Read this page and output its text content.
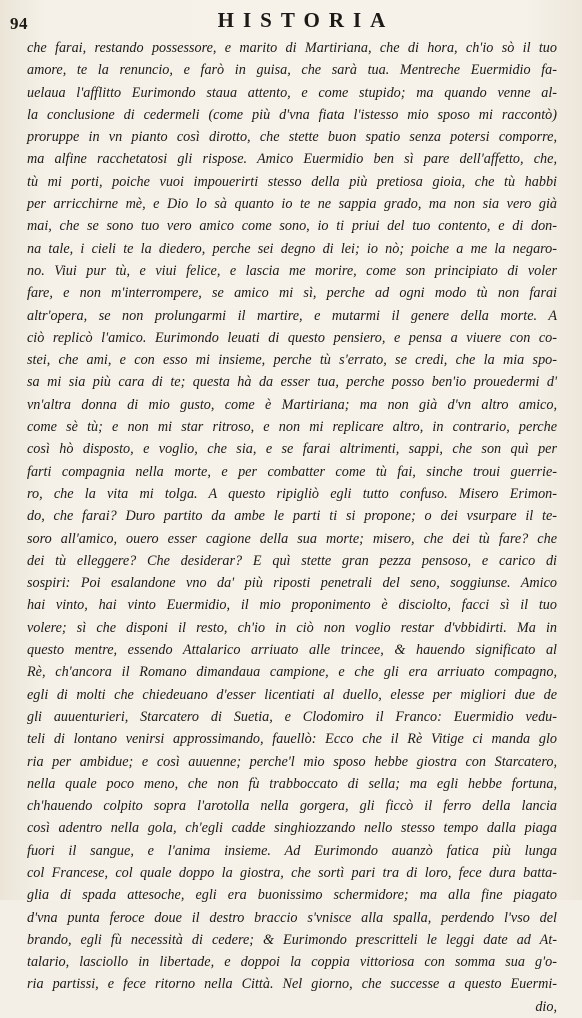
94	HISTORIA
che farai, restando possessore, e marito di Martiriana, che di hora, ch'io sò il tuo
amore, te la renuncio, e farò in guisa, che sarà tua. Mentreche Euermidio fa-
uelaua l'afflitto Eurimondo staua attento, e come stupido; ma quando venne al-
la conclusione di cedermeli (come più d'vna fiata l'istesso mio sposo mi raccontò)
proruppe in vn pianto così dirotto, che stette buon spatio senza potersi comporre,
ma alfine racchetatosi gli rispose. Amico Euermidio ben sì pare dell'affetto, che,
tù mi porti, poiche vuoi impouerirti stesso della più pretiosa gioia, che tù habbi
per arricchirne mè, e Dio lo sà quanto io te ne sappia grado, ma non sia vero già
mai, che se sono tuo vero amico come sono, io ti priui del tuo contento, e di don-
na tale, i cieli te la diedero, perche sei degno di lei; io nò; poiche a me la negaro-
no. Viui pur tù, e viui felice, e lascia me morire, come son principiato di voler
fare, e non m'interrompere, se amico mi sì, perche ad ogni modo tù non farai
altr'opera, se non prolungarmi il martire, e mutarmi il genere della morte. A
ciò replicò l'amico. Eurimondo leuati di questo pensiero, e pensa a viuere con co-
stei, che ami, e con esso mi insieme, perche tù s'errato, se credi, che la mia spo-
sa mi sia più cara di te; questa hà da esser tua, perche posso ben'io prouedermi d'
vn'altra donna di mio gusto, come è Martiriana; ma non già d'vn altro amico,
come sè tù; e non mi star ritroso, e non mi replicare altro, in contrario, perche
così hò disposto, e voglio, che sia, e se farai altrimenti, sappi, che son quì per
farti compagnia nella morte, e per combatter come tù fai, sinche troui guerrie-
ro, che la vita mi tolga. A questo ripigliò egli tutto confuso. Misero Erimon-
do, che farai? Duro partito da ambe le parti ti si propone; o dei vsurpare il te-
soro all'amico, ouero esser cagione della sua morte; misero, che dei tù fare? che
dei tù elleggere? Che desiderar? E quì stette gran pezza pensoso, e carico di
sospiri: Poi esalandone vno da' più riposti penetrali del seno, soggiunse. Amico
hai vinto, hai vinto Euermidio, il mio proponimento è disciolto, facci sì il tuo
volere; sì che disponi il resto, ch'io in ciò non voglio restar d'vbbidirti. Ma in
questo mentre, essendo Attalarico arriuato alle trincee, & hauendo significato al
Rè, ch'ancora il Romano dimandaua campione, e che gli era arriuato compagno,
egli di molti che chiedeuano d'esser licentiati al duello, elesse per migliori due de
gli auuenturieri, Starcatero di Suetia, e Clodomiro il Franco: Euermidio vedu-
teli di lontano venirsi approssimando, fauellò: Ecco che il Rè Vitige ci manda glo
ria per ambidue; e così auuenne; perche'l mio sposo hebbe giostra con Starcatero,
nella quale poco meno, che non fù trabboccato di sella; ma egli hebbe fortuna,
ch'hauendo colpito sopra l'arotolla nella gorgera, gli ficcò il ferro della lancia
così adentro nella gola, ch'egli cadde singhiozzando nello stesso tempo dalla piaga
fuori il sangue, e l'anima insieme. Ad Eurimondo auanzò fatica più lunga
col Francese, col quale doppo la giostra, che sortì pari tra di loro, fece dura batta-
glia di spada attesoche, egli era buonissimo schermidore; ma alla fine piagato
d'vna punta feroce doue il destro braccio s'vnisce alla spalla, perdendo l'vso del
brando, egli fù necessità di cedere; & Eurimondo prescritteli le leggi date ad At-
talario, lasciollo in libertade, e doppoi la coppia vittoriosa con somma sua g'o-
ria partissi, e fece ritorno nella Città. Nel giorno, che successe a questo Euermi-
dio,
